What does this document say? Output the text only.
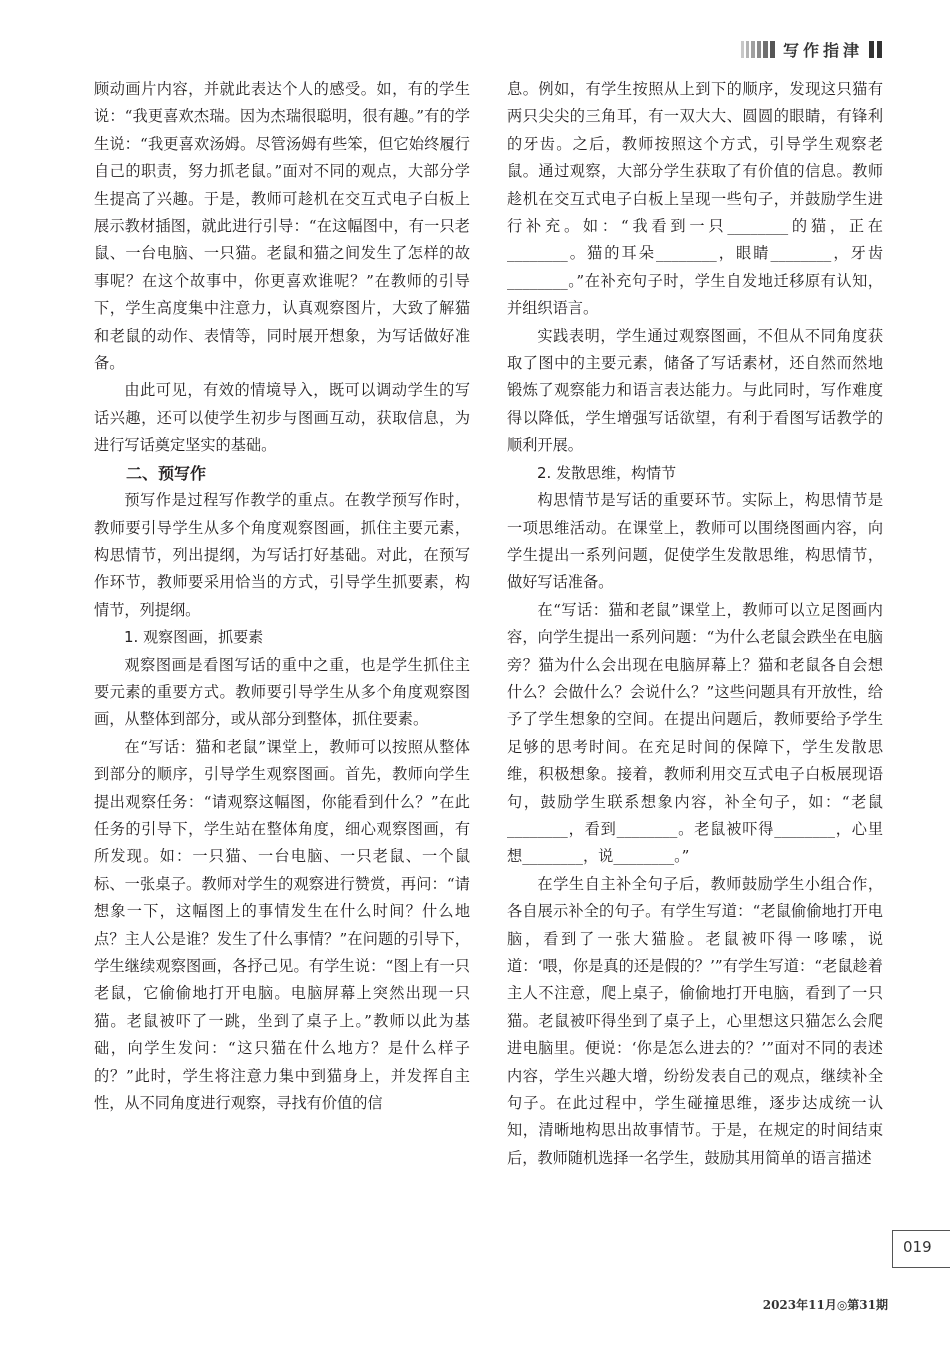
写作指津

顾动画片内容，并就此表达个人的感受。如，有的学生说：“我更喜欢杰瑞。因为杰瑞很聪明，很有趣。”有的学生说：“我更喜欢汤姆。尽管汤姆有些笨，但它始终履行自己的职责，努力抓老鼠。”面对不同的观点，大部分学生提高了兴趣。于是，教师可趁机在交互式电子白板上展示教材插图，就此进行引导：“在这幅图中，有一只老鼠、一台电脑、一只猫。老鼠和猫之间发生了怎样的故事呢？在这个故事中，你更喜欢谁呢？”在教师的引导下，学生高度集中注意力，认真观察图片，大致了解猫和老鼠的动作、表情等，同时展开想象，为写话做好准备。

由此可见，有效的情境导入，既可以调动学生的写话兴趣，还可以使学生初步与图画互动，获取信息，为进行写话奠定坚实的基础。

二、预写作

预写作是过程写作教学的重点。在教学预写作时，教师要引导学生从多个角度观察图画，抓住主要元素，构思情节，列出提纲，为写话打好基础。对此，在预写作环节，教师要采用恰当的方式，引导学生抓要素，构情节，列提纲。

1. 观察图画，抓要素

观察图画是看图写话的重中之重，也是学生抓住主要元素的重要方式。教师要引导学生从多个角度观察图画，从整体到部分，或从部分到整体，抓住要素。

在“写话：猫和老鼠”课堂上，教师可以按照从整体到部分的顺序，引导学生观察图画。首先，教师向学生提出观察任务：“请观察这幅图，你能看到什么？”在此任务的引导下，学生站在整体角度，细心观察图画，有所发现。如：一只猫、一台电脑、一只老鼠、一个鼠标、一张桌子。教师对学生的观察进行赞赏，再问：“请想象一下，这幅图上的事情发生在什么时间？什么地点？主人公是谁？发生了什么事情？”在问题的引导下，学生继续观察图画，各抒己见。有学生说：“图上有一只老鼠，它偷偷地打开电脑。电脑屏幕上突然出现一只猫。老鼠被吓了一跳，坐到了桌子上。”教师以此为基础，向学生发问：“这只猫在什么地方？是什么样子的？”此时，学生将注意力集中到猫身上，并发挥自主性，从不同角度进行观察，寻找有价值的信

息。例如，有学生按照从上到下的顺序，发现这只猫有两只尖尖的三角耳，有一双大大、圆圆的眼睛，有锋利的牙齿。之后，教师按照这个方式，引导学生观察老鼠。通过观察，大部分学生获取了有价值的信息。教师趁机在交互式电子白板上呈现一些句子，并鼓励学生进行补充。如：“我看到一只________的猫，正在________。猫的耳朵________，眼睛________，牙齿________。”在补充句子时，学生自发地迁移原有认知，并组织语言。

实践表明，学生通过观察图画，不但从不同角度获取了图中的主要元素，储备了写话素材，还自然而然地锻炼了观察能力和语言表达能力。与此同时，写作难度得以降低，学生增强写话欲望，有利于看图写话教学的顺利开展。

2. 发散思维，构情节

构思情节是写话的重要环节。实际上，构思情节是一项思维活动。在课堂上，教师可以围绕图画内容，向学生提出一系列问题，促使学生发散思维，构思情节，做好写话准备。

在“写话：猫和老鼠”课堂上，教师可以立足图画内容，向学生提出一系列问题：“为什么老鼠会跌坐在电脑旁？猫为什么会出现在电脑屏幕上？猫和老鼠各自会想什么？会做什么？会说什么？”这些问题具有开放性，给予了学生想象的空间。在提出问题后，教师要给予学生足够的思考时间。在充足时间的保障下，学生发散思维，积极想象。接着，教师利用交互式电子白板展现语句，鼓励学生联系想象内容，补全句子，如：“老鼠________，看到________。老鼠被吓得________，心里想________，说________。”

在学生自主补全句子后，教师鼓励学生小组合作，各自展示补全的句子。有学生写道：“老鼠偷偷地打开电脑，看到了一张大猫脸。老鼠被吓得一哆嗦，说道：‘喂，你是真的还是假的？’”有学生写道：“老鼠趁着主人不注意，爬上桌子，偷偷地打开电脑，看到了一只猫。老鼠被吓得坐到了桌子上，心里想这只猫怎么会爬进电脑里。便说：‘你是怎么进去的？’”面对不同的表述内容，学生兴趣大增，纷纷发表自己的观点，继续补全句子。在此过程中，学生碰撞思维，逐步达成统一认知，清晰地构思出故事情节。于是，在规定的时间结束后，教师随机选择一名学生，鼓励其用简单的语言描述

019
2023年11月◎第31期
